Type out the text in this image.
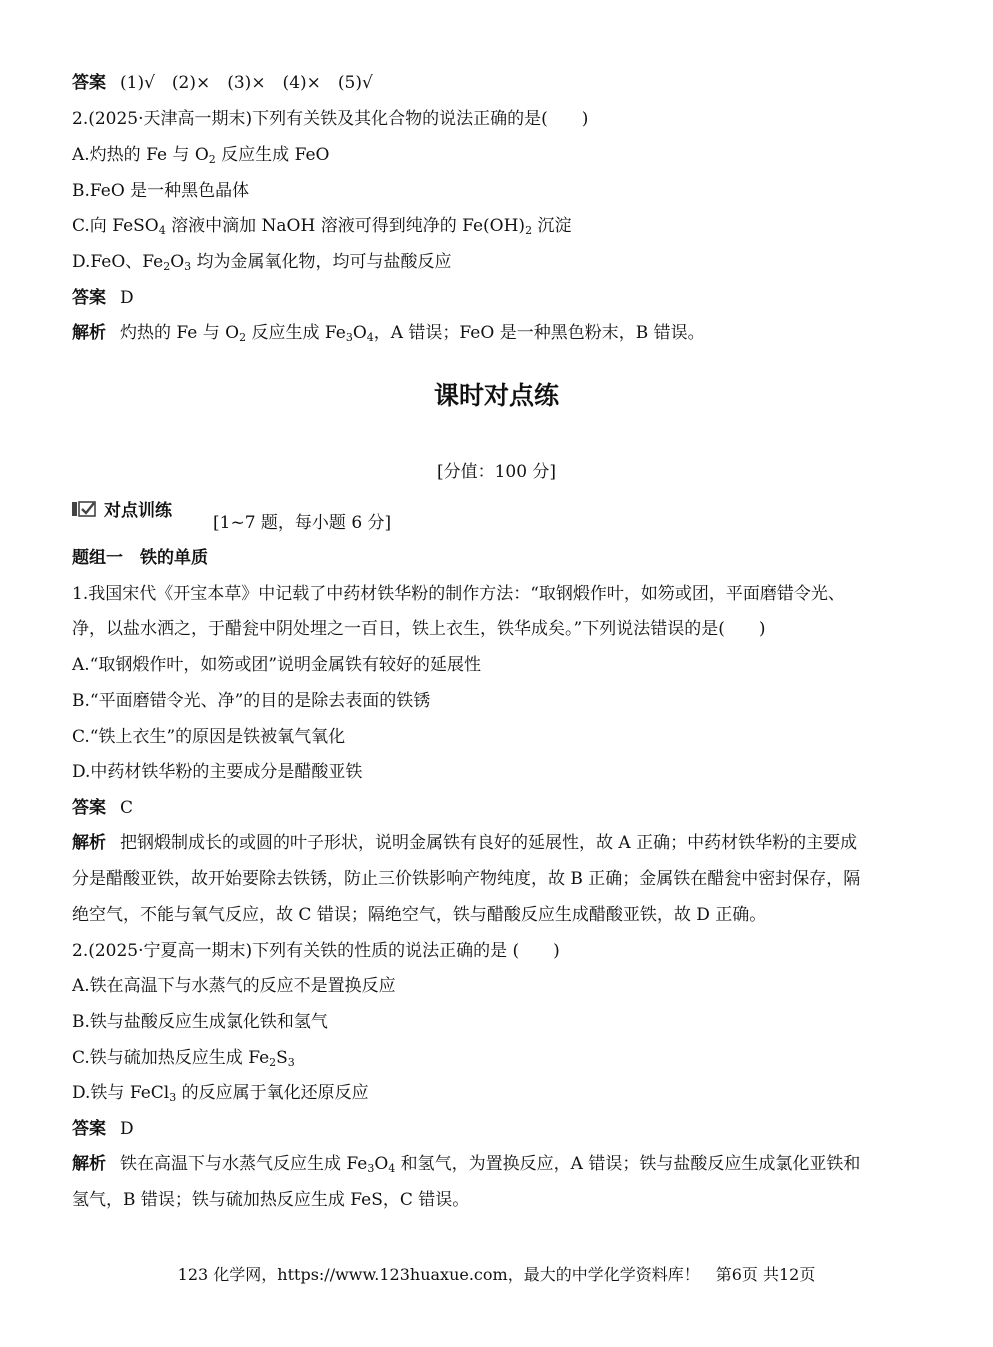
答案 (1)√　(2)×　(3)×　(4)×　(5)√
2.(2025·天津高一期末)下列有关铁及其化合物的说法正确的是(　　)
A.灼热的 Fe 与 $O_2$ 反应生成 FeO
B.FeO 是一种黑色晶体
C.向 FeSO$_4$ 溶液中滴加 NaOH 溶液可得到纯净的 $Fe(OH)_2$ 沉淀
D.FeO、$Fe_2O_3$ 均为金属氧化物，均可与盐酸反应
答案 D
解析 灼热的 Fe 与 $O_2$ 反应生成 $Fe_3O_4$，A 错误；FeO 是一种黑色粉末，B 错误。
课时对点练
[分值：100 分]
对点训练
[1~7 题，每小题 6 分]
题组一　铁的单质
1.我国宋代《开宝本草》中记载了中药材铁华粉的制作方法：“取钢煅作叶，如笏或团，平面磨错令光、
净，以盐水洒之，于醋瓮中阴处埋之一百日，铁上衣生，铁华成矣。”下列说法错误的是(　　)
A.“取钢煅作叶，如笏或团”说明金属铁有较好的延展性
B.“平面磨错令光、净”的目的是除去表面的铁锈
C.“铁上衣生”的原因是铁被氧气氧化
D.中药材铁华粉的主要成分是醋酸亚铁
答案 C
解析 把钢煅制成长的或圆的叶子形状，说明金属铁有良好的延展性，故 A 正确；中药材铁华粉的主要成
分是醋酸亚铁，故开始要除去铁锈，防止三价铁影响产物纯度，故 B 正确；金属铁在醋瓮中密封保存，隔
绝空气，不能与氧气反应，故 C 错误；隔绝空气，铁与醋酸反应生成醋酸亚铁，故 D 正确。
2.(2025·宁夏高一期末)下列有关铁的性质的说法正确的是 (　　)
A.铁在高温下与水蒸气的反应不是置换反应
B.铁与盐酸反应生成氯化铁和氢气
C.铁与硫加热反应生成 $Fe_2S_3$
D.铁与 FeCl$_3$ 的反应属于氧化还原反应
答案 D
解析 铁在高温下与水蒸气反应生成 $Fe_3O_4$ 和氢气，为置换反应，A 错误；铁与盐酸反应生成氯化亚铁和
氢气，B 错误；铁与硫加热反应生成 FeS，C 错误。
123 化学网，https://www.123huaxue.com，最大的中学化学资料库！　第6页 共12页
